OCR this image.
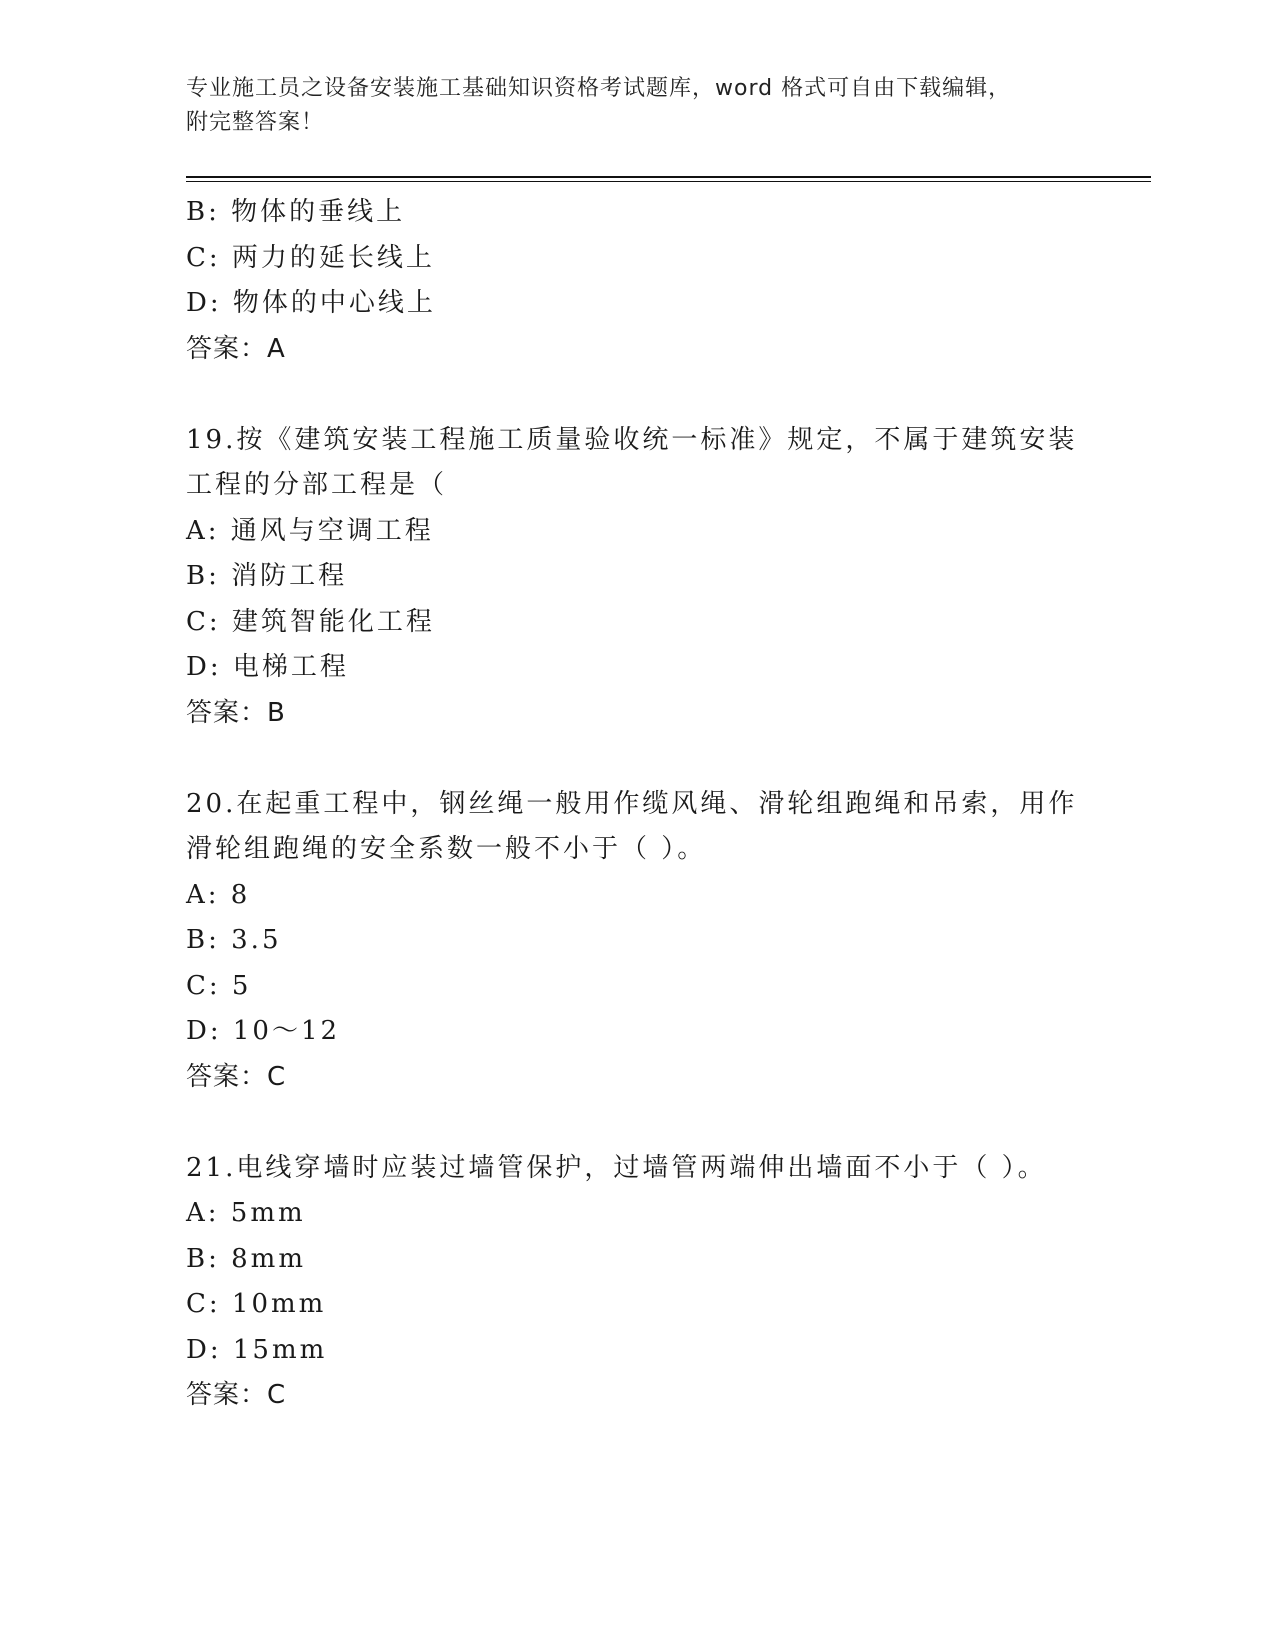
专业施工员之设备安装施工基础知识资格考试题库，word 格式可自由下载编辑，
附完整答案！
B: 物体的垂线上
C: 两力的延长线上
D: 物体的中心线上
答案：A
19.按《建筑安装工程施工质量验收统一标准》规定，不属于建筑安装
工程的分部工程是（
A: 通风与空调工程
B: 消防工程
C: 建筑智能化工程
D: 电梯工程
答案：B
20.在起重工程中，钢丝绳一般用作缆风绳、滑轮组跑绳和吊索，用作
滑轮组跑绳的安全系数一般不小于（ ）。
A: 8
B: 3.5
C: 5
D: 10～12
答案：C
21.电线穿墙时应装过墙管保护，过墙管两端伸出墙面不小于（ ）。
A: 5mm
B: 8mm
C: 10mm
D: 15mm
答案：C
